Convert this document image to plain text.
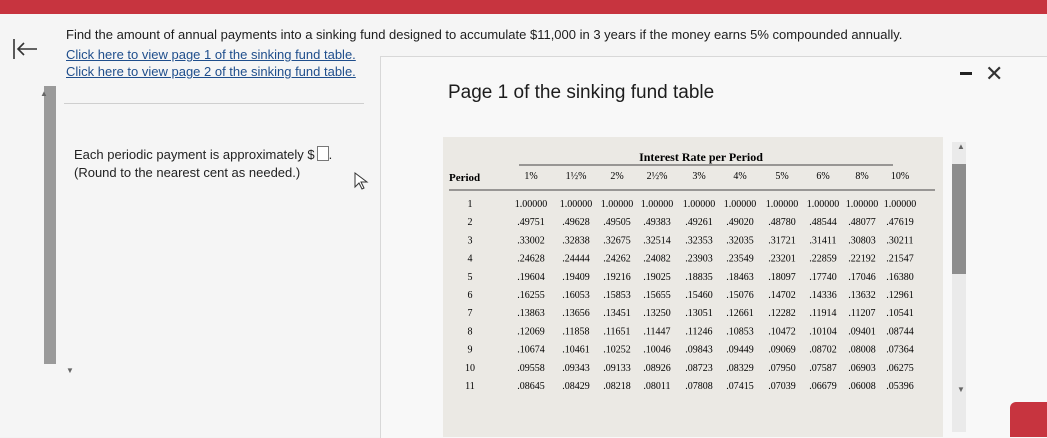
Find the amount of annual payments into a sinking fund designed to accumulate $11,000 in 3 years if the money earns 5% compounded annually.
Click here to view page 1 of the sinking fund table.
Click here to view page 2 of the sinking fund table.
▲
Each periodic payment is approximately $ .
(Round to the nearest cent as needed.)
Page 1 of the sinking fund table
✕
Interest Rate per Period
Period	1%	1½% 2% 2½% 3%	4%	5%	6%	8% 10%
1	1.00000 1.00000 1.00000 1.00000 1.00000 1.00000 1.00000 1.00000 1.00000 1.00000
2	.49751 .49628 .49505 .49383 .49261 .49020 .48780 .48544 .48077 .47619
3	.33002 .32838 .32675 .32514 .32353 .32035 .31721 .31411 .30803 .30211
4	.24628 .24444 .24262 .24082 .23903 .23549 .23201 .22859 .22192 .21547
5	.19604 .19409 .19216 .19025 .18835 .18463 .18097 .17740 .17046 .16380
6	.16255 .16053 .15853 .15655 .15460 .15076 .14702 .14336 .13632 .12961
7	.13863 .13656 .13451 .13250 .13051 .12661 .12282 .11914 .11207 .10541
8	.12069 .11858 .11651 .11447 .11246 .10853 .10472 .10104 .09401 .08744
9	.10674 .10461 .10252 .10046 .09843 .09449 .09069 .08702 .08008 .07364
10	.09558 .09343 .09133 .08926 .08723 .08329 .07950 .07587 .06903 .06275
11	.08645 .08429 .08218 .08011 .07808 .07415 .07039 .06679 .06008 .05396
▲
▼
▼
